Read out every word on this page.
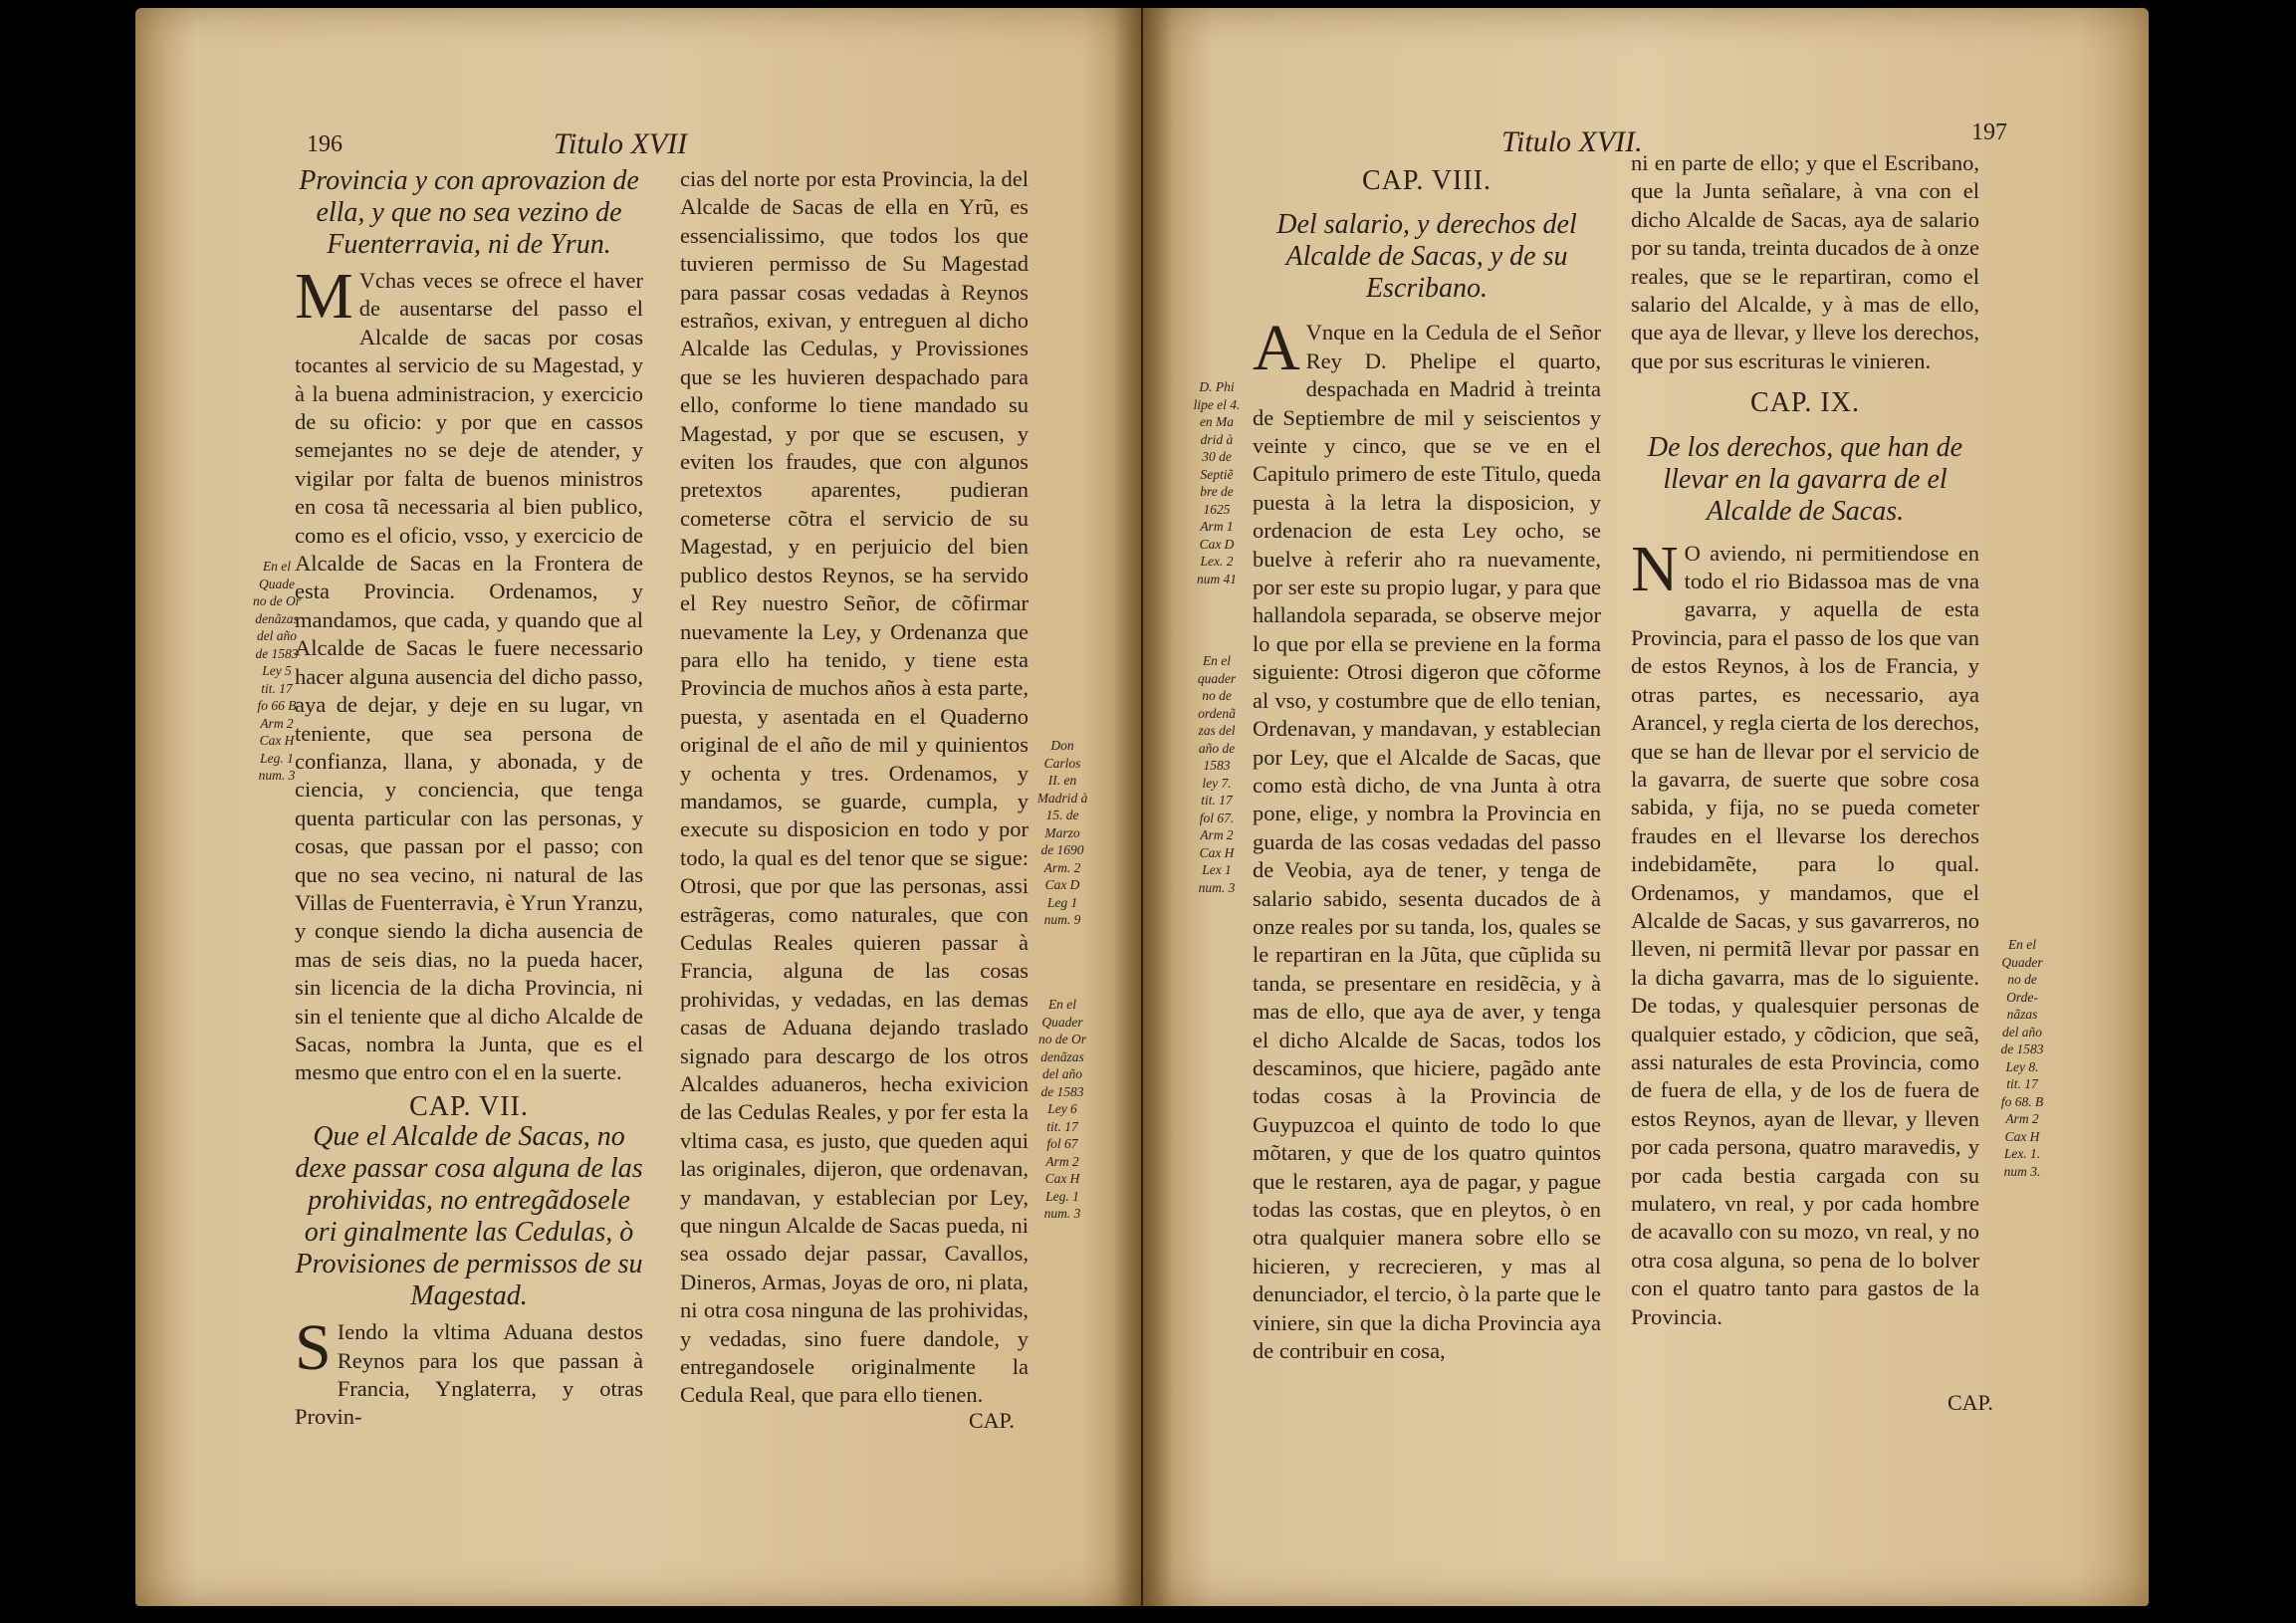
196	Titulo XVII
En el
Quade
no de Or
denãzas
del año
de 1583
Ley 5
tit. 17
fo 66 B
Arm 2
Cax H
Leg. 1
num. 3
Don
Carlos
II. en
Madrid à
15. de
Marzo
de 1690
Arm. 2
Cax D
Leg 1
num. 9
En el
Quader
no de Or
denãzas
del año
de 1583
Ley 6
tit. 17
fol 67
Arm 2
Cax H
Leg. 1
num. 3

Provincia y con aprovazion de ella, y que no sea vezino de Fuenterravia, ni de Yrun.

M Vchas veces se ofrece el haver de ausentarse del passo el Alcalde de sacas por cosas tocantes al servicio de su Magestad, y à la buena administracion, y exercicio de su oficio: y por que en cassos semejantes no se deje de atender, y vigilar por falta de buenos ministros en cosa tã necessaria al bien publico, como es el oficio, vsso, y exercicio de Alcalde de Sacas en la Frontera de esta Provincia. Ordenamos, y mandamos, que cada, y quando que al Alcalde de Sacas le fuere necessario hacer alguna ausencia del dicho passo, aya de dejar, y deje en su lugar, vn teniente, que sea persona de confianza, llana, y abonada, y de ciencia, y conciencia, que tenga quenta particular con las personas, y cosas, que passan por el passo; con que no sea vecino, ni natural de las Villas de Fuenterravia, è Yrun Yranzu, y conque siendo la dicha ausencia de mas de seis dias, no la pueda hacer, sin licencia de la dicha Provincia, ni sin el teniente que al dicho Alcalde de Sacas, nombra la Junta, que es el mesmo que entro con el en la suerte.

CAP. VII.

Que el Alcalde de Sacas, no dexe passar cosa alguna de las prohividas, no entregãdosele ori ginalmente las Cedulas, ò Provisiones de permissos de su Magestad.

S Iendo la vltima Aduana destos Reynos para los que passan à Francia, Ynglaterra, y otras Provin-

cias del norte por esta Provincia, la del Alcalde de Sacas de ella en Yrũ, es essencialissimo, que todos los que tuvieren permisso de Su Magestad para passar cosas vedadas à Reynos estraños, exivan, y entreguen al dicho Alcalde las Cedulas, y Provissiones que se les huvieren despachado para ello, conforme lo tiene mandado su Magestad, y por que se escusen, y eviten los fraudes, que con algunos pretextos aparentes, pudieran cometerse cõtra el servicio de su Magestad, y en perjuicio del bien publico destos Reynos, se ha servido el Rey nuestro Señor, de cõfirmar nuevamente la Ley, y Ordenanza que para ello ha tenido, y tiene esta Provincia de muchos años à esta parte, puesta, y asentada en el Quaderno original de el año de mil y quinientos y ochenta y tres. Ordenamos, y mandamos, se guarde, cumpla, y execute su disposicion en todo y por todo, la qual es del tenor que se sigue: Otrosi, que por que las personas, assi estrãgeras, como naturales, que con Cedulas Reales quieren passar à Francia, alguna de las cosas prohividas, y vedadas, en las demas casas de Aduana dejando traslado signado para descargo de los otros Alcaldes aduaneros, hecha exivicion de las Cedulas Reales, y por fer esta la vltima casa, es justo, que queden aqui las originales, dijeron, que ordenavan, y mandavan, y establecian por Ley, que ningun Alcalde de Sacas pueda, ni sea ossado dejar passar, Cavallos, Dineros, Armas, Joyas de oro, ni plata, ni otra cosa ninguna de las prohividas, y vedadas, sino fuere dandole, y entregandosele originalmente la Cedula Real, que para ello tienen.

CAP.
Titulo XVII.	197
D. Phi
lipe el 4.
en Ma
drid à
30 de
Septiẽ
bre de
1625
Arm 1
Cax D
Lex. 2
num 41
En el
quader
no de
ordenã
zas del
año de
1583
ley 7.
tit. 17
fol 67.
Arm 2
Cax H
Lex 1
num. 3
En el
Quader
no de
Orde-
nãzas
del año
de 1583
Ley 8.
tit. 17
fo 68. B
Arm 2
Cax H
Lex. 1.
num 3.

CAP. VIII.

Del salario, y derechos del Alcalde de Sacas, y de su Escribano.

A Vnque en la Cedula de el Señor Rey D. Phelipe el quarto, despachada en Madrid à treinta de Septiembre de mil y seiscientos y veinte y cinco, que se ve en el Capitulo primero de este Titulo, queda puesta à la letra la disposicion, y ordenacion de esta Ley ocho, se buelve à referir aho ra nuevamente, por ser este su propio lugar, y para que hallandola separada, se observe mejor lo que por ella se previene en la forma siguiente: Otrosi digeron que cõforme al vso, y costumbre que de ello tenian, Ordenavan, y mandavan, y establecian por Ley, que el Alcalde de Sacas, que como està dicho, de vna Junta à otra pone, elige, y nombra la Provincia en guarda de las cosas vedadas del passo de Veobia, aya de tener, y tenga de salario sabido, sesenta ducados de à onze reales por su tanda, los, quales se le repartiran en la Jũta, que cũplida su tanda, se presentare en residẽcia, y à mas de ello, que aya de aver, y tenga el dicho Alcalde de Sacas, todos los descaminos, que hiciere, pagãdo ante todas cosas à la Provincia de Guypuzcoa el quinto de todo lo que mõtaren, y que de los quatro quintos que le restaren, aya de pagar, y pague todas las costas, que en pleytos, ò en otra qualquier manera sobre ello se hicieren, y recrecieren, y mas al denunciador, el tercio, ò la parte que le viniere, sin que la dicha Provincia aya de contribuir en cosa,

ni en parte de ello; y que el Escribano, que la Junta señalare, à vna con el dicho Alcalde de Sacas, aya de salario por su tanda, treinta ducados de à onze reales, que se le repartiran, como el salario del Alcalde, y à mas de ello, que aya de llevar, y lleve los derechos, que por sus escrituras le vinieren.

CAP. IX.

De los derechos, que han de llevar en la gavarra de el Alcalde de Sacas.

N O aviendo, ni permitiendose en todo el rio Bidassoa mas de vna gavarra, y aquella de esta Provincia, para el passo de los que van de estos Reynos, à los de Francia, y otras partes, es necessario, aya Arancel, y regla cierta de los derechos, que se han de llevar por el servicio de la gavarra, de suerte que sobre cosa sabida, y fija, no se pueda cometer fraudes en el llevarse los derechos indebidamẽte, para lo qual. Ordenamos, y mandamos, que el Alcalde de Sacas, y sus gavarreros, no lleven, ni permitã llevar por passar en la dicha gavarra, mas de lo siguiente. De todas, y qualesquier personas de qualquier estado, y cõdicion, que seã, assi naturales de esta Provincia, como de fuera de ella, y de los de fuera de estos Reynos, ayan de llevar, y lleven por cada persona, quatro maravedis, y por cada bestia cargada con su mulatero, vn real, y por cada hombre de acavallo con su mozo, vn real, y no otra cosa alguna, so pena de lo bolver con el quatro tanto para gastos de la Provincia.

CAP.
